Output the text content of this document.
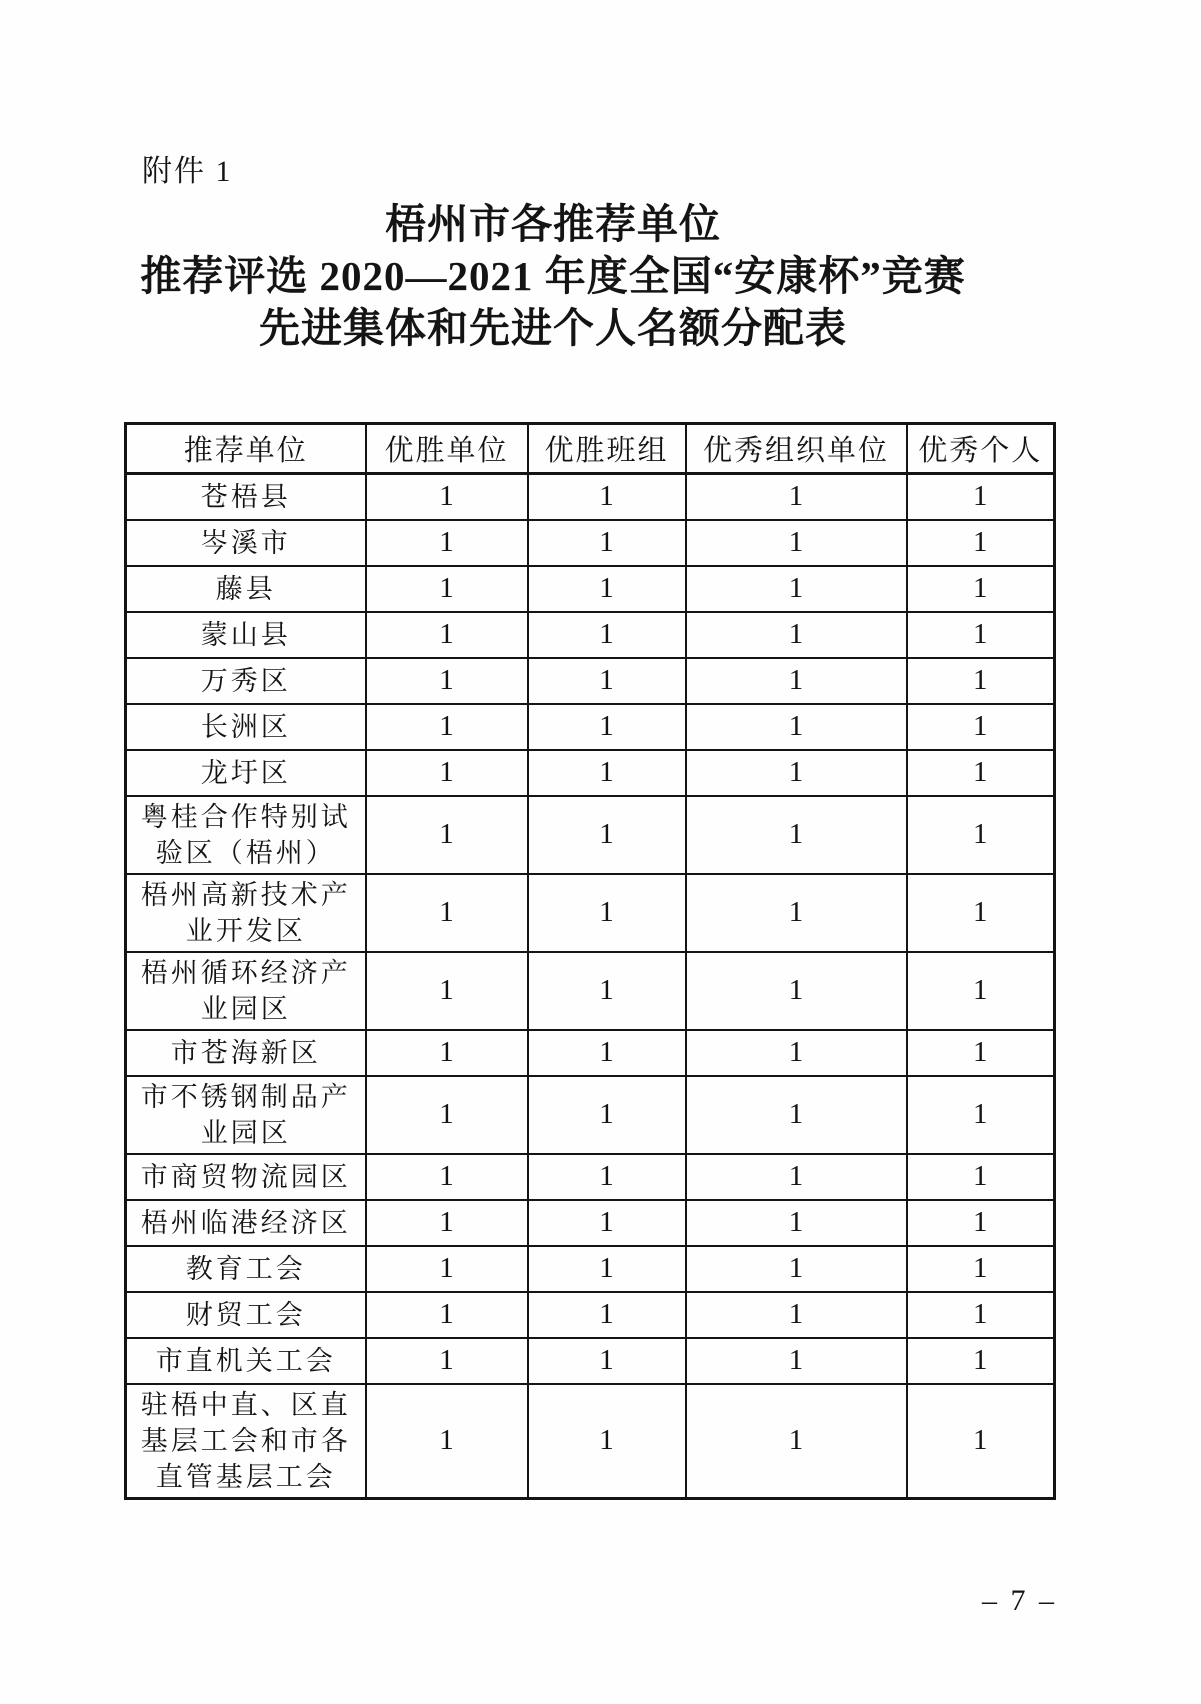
附件 1
梧州市各推荐单位
推荐评选 2020—2021 年度全国“安康杯”竞赛
先进集体和先进个人名额分配表
推荐单位	优胜单位	优胜班组	优秀组织单位	优秀个人
苍梧县	1	1	1	1
岑溪市	1	1	1	1
藤县	1	1	1	1
蒙山县	1	1	1	1
万秀区	1	1	1	1
长洲区	1	1	1	1
龙圩区	1	1	1	1
粤桂合作特别试验区（梧州）	1	1	1	1
梧州高新技术产业开发区	1	1	1	1
梧州循环经济产业园区	1	1	1	1
市苍海新区	1	1	1	1
市不锈钢制品产业园区	1	1	1	1
市商贸物流园区	1	1	1	1
梧州临港经济区	1	1	1	1
教育工会	1	1	1	1
财贸工会	1	1	1	1
市直机关工会	1	1	1	1
驻梧中直、区直基层工会和市各直管基层工会	1	1	1	1
– 7 –
